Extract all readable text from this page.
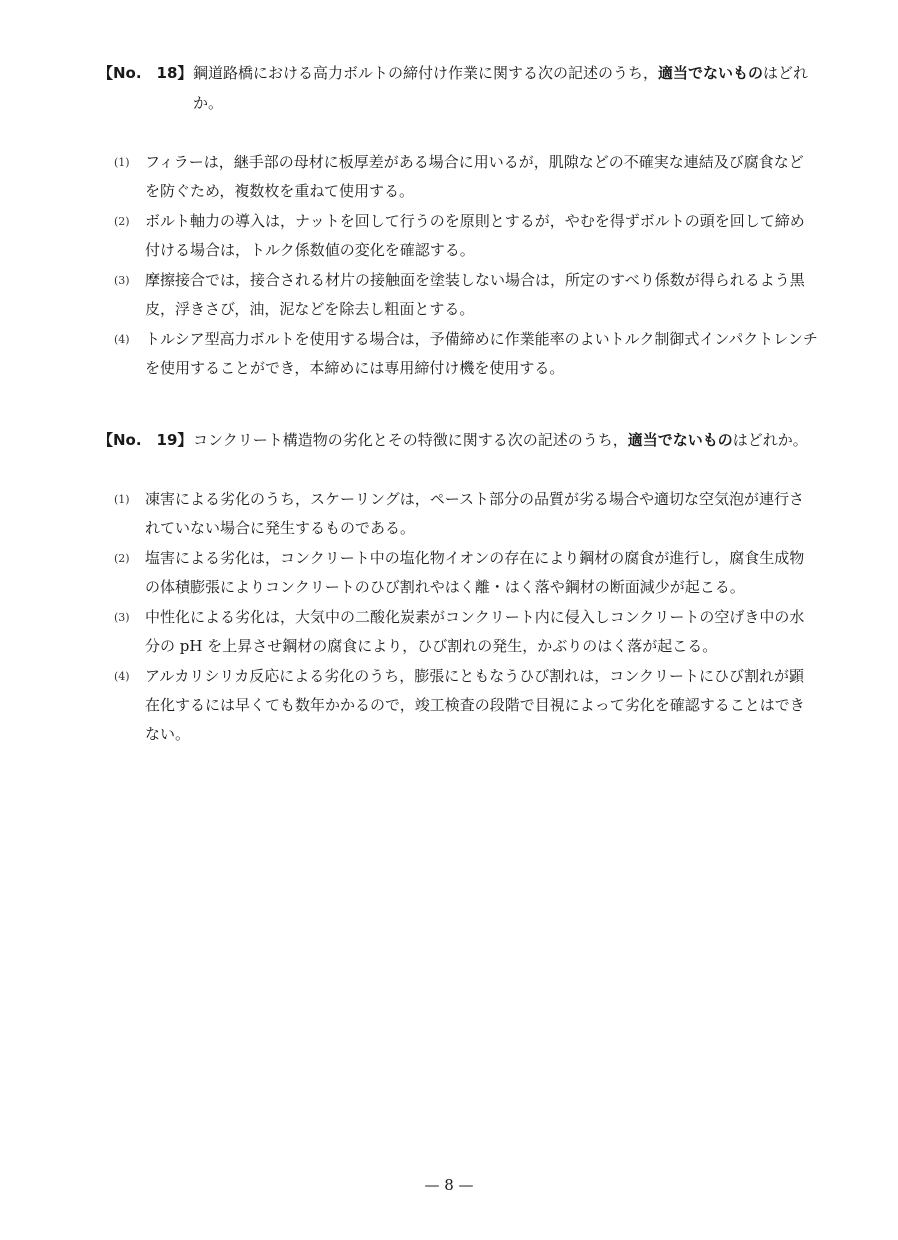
【No.　18】 鋼道路橋における高力ボルトの締付け作業に関する次の記述のうち，適当でないものはどれか。
(1) フィラーは，継手部の母材に板厚差がある場合に用いるが，肌隙などの不確実な連結及び腐食などを防ぐため，複数枚を重ねて使用する。
(2) ボルト軸力の導入は，ナットを回して行うのを原則とするが，やむを得ずボルトの頭を回して締め付ける場合は，トルク係数値の変化を確認する。
(3) 摩擦接合では，接合される材片の接触面を塗装しない場合は，所定のすべり係数が得られるよう黒皮，浮きさび，油，泥などを除去し粗面とする。
(4) トルシア型高力ボルトを使用する場合は，予備締めに作業能率のよいトルク制御式インパクトレンチを使用することができ，本締めには専用締付け機を使用する。
【No.　19】 コンクリート構造物の劣化とその特徴に関する次の記述のうち，適当でないものはどれか。
(1) 凍害による劣化のうち，スケーリングは，ペースト部分の品質が劣る場合や適切な空気泡が連行されていない場合に発生するものである。
(2) 塩害による劣化は，コンクリート中の塩化物イオンの存在により鋼材の腐食が進行し，腐食生成物の体積膨張によりコンクリートのひび割れやはく離・はく落や鋼材の断面減少が起こる。
(3) 中性化による劣化は，大気中の二酸化炭素がコンクリート内に侵入しコンクリートの空げき中の水分の pH を上昇させ鋼材の腐食により，ひび割れの発生，かぶりのはく落が起こる。
(4) アルカリシリカ反応による劣化のうち，膨張にともなうひび割れは，コンクリートにひび割れが顕在化するには早くても数年かかるので，竣工検査の段階で目視によって劣化を確認することはできない。
— 8 —
